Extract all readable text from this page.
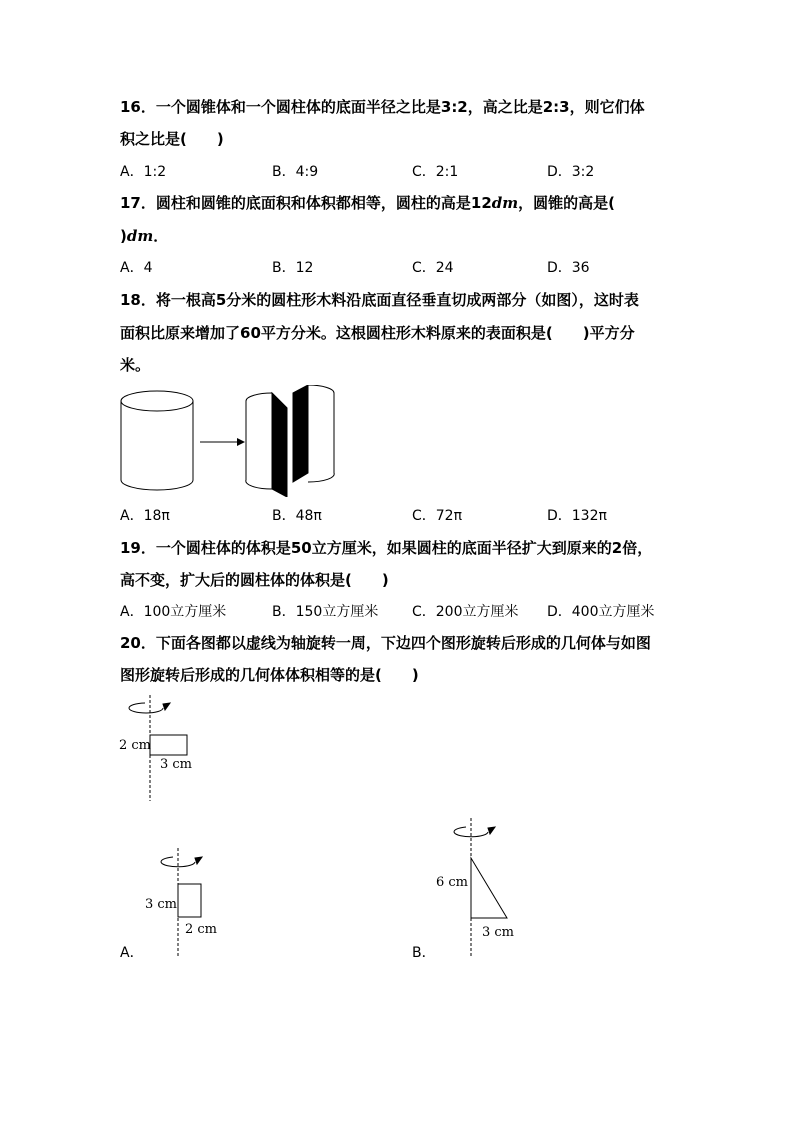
16．一个圆锥体和一个圆柱体的底面半径之比是3:2，高之比是2:3，则它们体
积之比是(　　)
A．1:2	B．4:9	C．2:1	D．3:2
17．圆柱和圆锥的底面积和体积都相等，圆柱的高是12dm，圆锥的高是(
)dm．
A．4	B．12	C．24	D．36
18．将一根高5分米的圆柱形木料沿底面直径垂直切成两部分（如图），这时表
面积比原来增加了60平方分米。这根圆柱形木料原来的表面积是(　　)平方分
米。
A．18π	B．48π	C．72π	D．132π
19．一个圆柱体的体积是50立方厘米，如果圆柱的底面半径扩大到原来的2倍，
高不变，扩大后的圆柱体的体积是(　　)
A．100立方厘米	B．150立方厘米 C．200立方厘米 D．400立方厘米
20．下面各图都以虚线为轴旋转一周，下边四个图形旋转后形成的几何体与如图
图形旋转后形成的几何体体积相等的是(　　)
2 cm
3 cm
3 cm
2 cm
A．
6 cm
3 cm
B．
